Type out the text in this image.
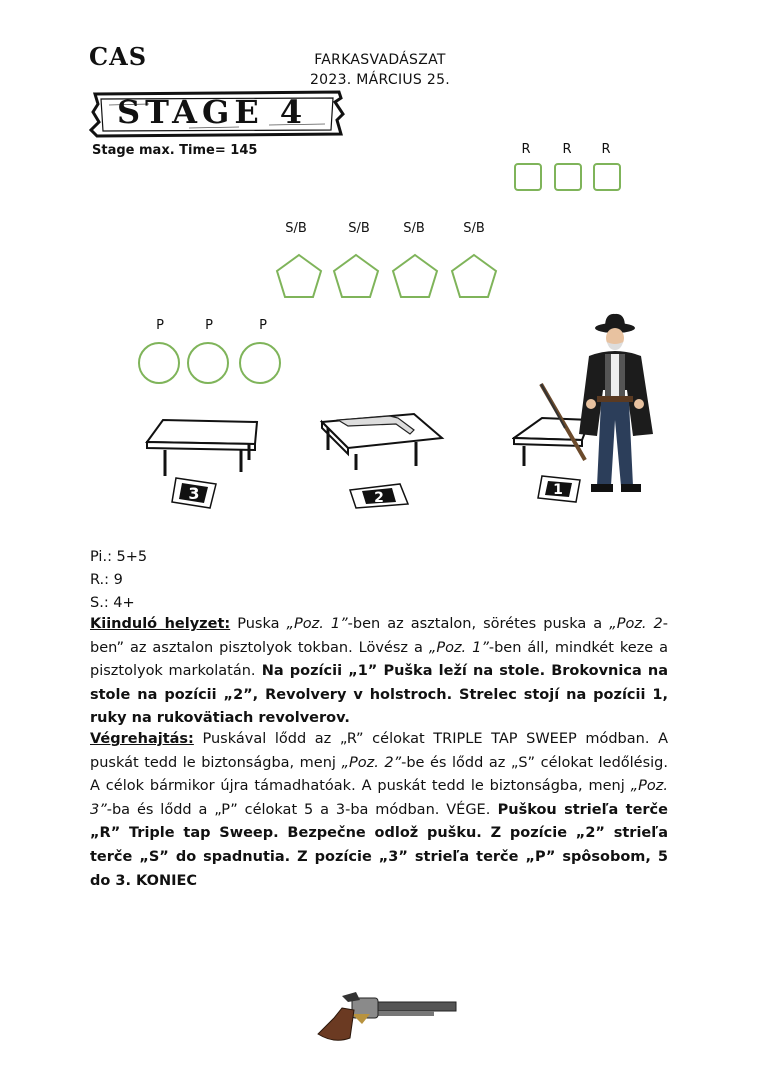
CAS	FARKASVADÁSZAT
2023. MÁRCIUS 25.
STAGE 4
Stage max. Time= 145	R	R	R
S/B	S/B	S/B	S/B
P	P	P
3	2	1
Pi.: 5+5
R.: 9
S.: 4+
Kiinduló helyzet: Puska „Poz. 1”-ben az asztalon, sörétes puska a „Poz. 2-ben” az asztalon pisztolyok tokban. Lövész a „Poz. 1”-ben áll, mindkét keze a pisztolyok markolatán. Na pozícii „1” Puška leží na stole. Brokovnica na stole na pozícii „2”, Revolvery v holstroch. Strelec stojí na pozícii 1, ruky na rukovätiach revolverov.
Végrehajtás: Puskával lődd az „R” célokat TRIPLE TAP SWEEP módban. A puskát tedd le biztonságba, menj „Poz. 2”-be és lődd az „S” célokat ledőlésig. A célok bármikor újra támadhatóak. A puskát tedd le biztonságba, menj „Poz. 3”-ba és lődd a „P” célokat 5 a 3-ba módban. VÉGE. Puškou strieľa terče „R” Triple tap Sweep. Bezpečne odlož pušku. Z pozície „2” strieľa terče „S” do spadnutia. Z pozície „3” strieľa terče „P” spôsobom, 5 do 3. KONIEC
